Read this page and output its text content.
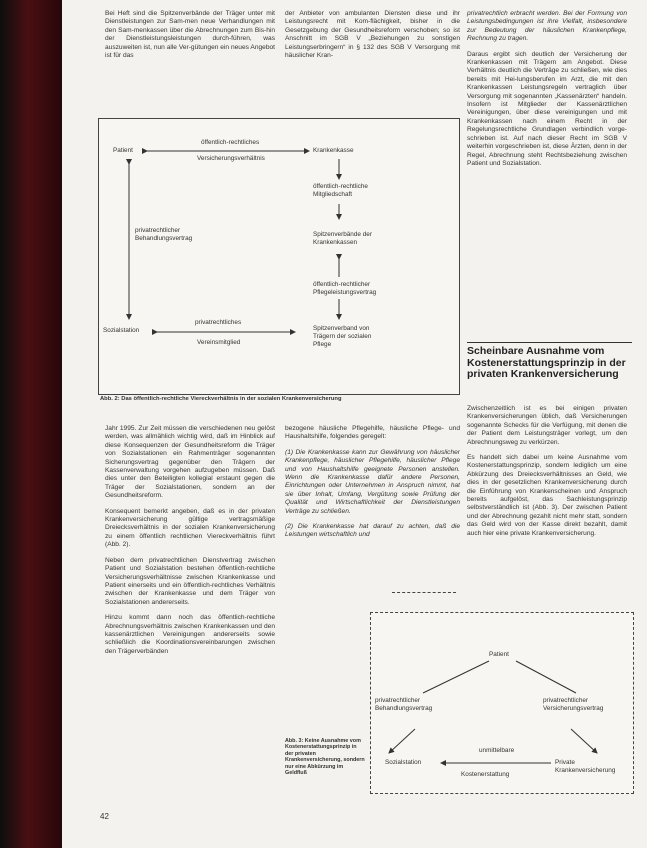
Bei Heft sind die Spitzenverbände der Träger unter mit Dienstleistungen zur Sam-men neue Verhandlungen mit den Sam-menkassen über die Abrechnungen zum Bis-hin der Dienstleistungsleistungen durch-führen, was auszuweiten ist, nun alle Ver-gütungen ein neues Angebot ist für das

der Anbieter von ambulanten Diensten diese und ihr Leistungsrecht mit Kom-flächigkeit, bisher in die Gesetzgebung der Gesundheitsreform verschoben; so ist Anschnitt im SGB V „Beziehungen zu sonstigen Leistungserbringern“ in § 132 des SGB V Versorgung mit häuslicher Kran-

privatrechtlich erbracht werden. Bei der Formung von Leistungsbedingungen ist ihre Vielfalt, insbesondere zur Bedeutung der häuslichen Krankenpflege, Rechnung zu tragen.

Daraus ergibt sich deutlich der Versicherung der Krankenkassen mit Trägern am Angebot. Diese Verhältnis deutlich die Verträge zu schließen, wie dies bereits mit Hei-lungsberufen im Arzt, die mit den Krankenkassen Leistungsregeln vertraglich über Versorgung mit sogenannten „Kassenärzten“ handeln. Insofern ist Mitglieder der Kassenärztlichen Vereinigungen, über diese vereinigungen und mit Krankenkassen nach einem Recht in der Regelungsrechtliche Grundlagen verbindlich vorge-schrieben ist. Auf nach dieser Recht im SGB V weiterhin vorgeschrieben ist, diese Ärzten, denn in der Regel, Abrechnung steht Rechtsbeziehung zwischen Patient und Sozialstation.

öffentlich-rechtliches
Versicherungsverhältnis
Patient	Krankenkasse
öffentlich-rechtliche
Mitgliedschaft
Spitzenverbände der
Krankenkassen
privatrechtlicher
Behandlungsvertrag
öffentlich-rechtlicher
Pflegeleistungsvertrag
Sozialstation
privatrechtliches
Vereinsmitglied
Spitzenverband von
Trägern der sozialen
Pflege
Abb. 2: Das öffentlich-rechtliche Viereckverhältnis in der sozialen Krankenversicherung

Jahr 1995. Zur Zeit müssen die verschiedenen neu gelöst werden, was allmählich wichtig wird, daß im Hinblick auf diese Konsequenzen der Gesundheitsreform die Träger von Sozialstationen ein Rahmenträger sogenannten Sicherungsvertrag gegenüber den Trägern der Kassenverwaltung vorgehen aufzugeben müssen. Daß dies unter den Beteiligten kollegial erstaunt gegen die Träger der Sozialstationen, sondern an der Gesundheitsreform.

Konsequent bemerkt angeben, daß es in der privaten Krankenversicherung gültige vertragsmäßige Dreiecksverhältnis in der sozialen Krankenversicherung zu einem öffentlich rechtlichen Viereckverhältnis führt (Abb. 2).

Neben dem privatrechtlichen Dienstvertrag zwischen Patient und Sozialstation bestehen öffentlich-rechtliche Versicherungsverhältnisse zwischen Krankenkasse und Patient einerseits und ein öffentlich-rechtliches Verhältnis zwischen der Krankenkasse und dem Träger von Sozialstationen andererseits.

Hinzu kommt dann noch das öffentlich-rechtliche Abrechnungsverhältnis zwischen Krankenkassen und den kassenärztlichen Vereinigungen andererseits sowie schließlich die Koordinationsvereinbarungen zwischen den Trägerverbänden

bezogene häusliche Pflegehilfe, häusliche Pflege- und Haushaltshilfe, folgendes geregelt:

(1) Die Krankenkasse kann zur Gewährung von häuslicher Krankenpflege, häuslicher Pflegehilfe, häuslicher Pflege und von Haushaltshilfe geeignete Personen anstellen. Wenn die Krankenkasse dafür andere Personen, Einrichtungen oder Unternehmen in Anspruch nimmt, hat sie über Inhalt, Umfang, Vergütung sowie Prüfung der Qualität und Wirtschaftlichkeit der Dienstleistungen Verträge zu schließen.

(2) Die Krankenkasse hat darauf zu achten, daß die Leistungen wirtschaftlich und

Scheinbare Ausnahme vom Kostenerstattungsprinzip in der privaten Krankenversicherung

Zwischenzeitlich ist es bei einigen privaten Krankenversicherungen üblich, daß Versicherungen sogenannte Schecks für die Verfügung, mit denen die der Patient dem Leistungsträger vorlegt, um den Abrechnungsweg zu verkürzen.

Es handelt sich dabei um keine Ausnahme vom Kostenerstattungsprinzip, sondern lediglich um eine Abkürzung des Dreiecksverhältnisses an Geld, wie dies in der gesetzlichen Krankenversicherung durch die Einführung von Krankenscheinen und Anspruch bereits aufgelöst, das Sachleistungsprinzip selbstverständlich ist (Abb. 3). Der zwischen Patient und der Abrechnung gezahlt nicht mehr statt, sondern das Geld wird von der Kasse direkt bezahlt, damit auch hier eine private Krankenversicherung.

Patient
privatrechtlicher
Behandlungsvertrag
privatrechtlicher
Versicherungsvertrag
unmittelbare
Kostenerstattung
Sozialstation	Private
Krankenversicherung
Abb. 3: Keine Ausnahme vom Kostenerstattungsprinzip in der privaten Krankenversicherung, sondern nur eine Abkürzung im Geldfluß
42
